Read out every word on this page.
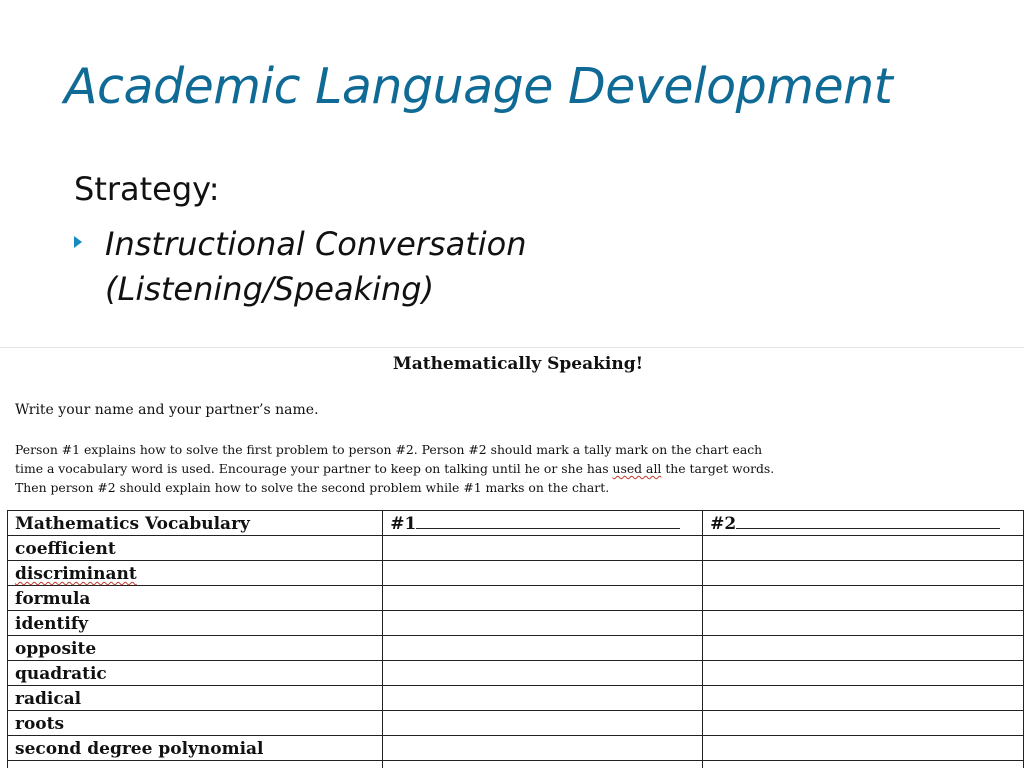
Academic Language Development
Strategy:
Instructional Conversation
(Listening/Speaking)
Mathematically Speaking!
Write your name and your partner’s name.
Person #1 explains how to solve the first problem to person #2. Person #2 should mark a tally mark on the chart each
time a vocabulary word is used. Encourage your partner to keep on talking until he or she has used all the target words.
Then person #2 should explain how to solve the second problem while #1 marks on the chart.
Mathematics Vocabulary	#1	#2
coefficient		
discriminant		
formula		
identify		
opposite		
quadratic		
radical		
roots		
second degree polynomial		
